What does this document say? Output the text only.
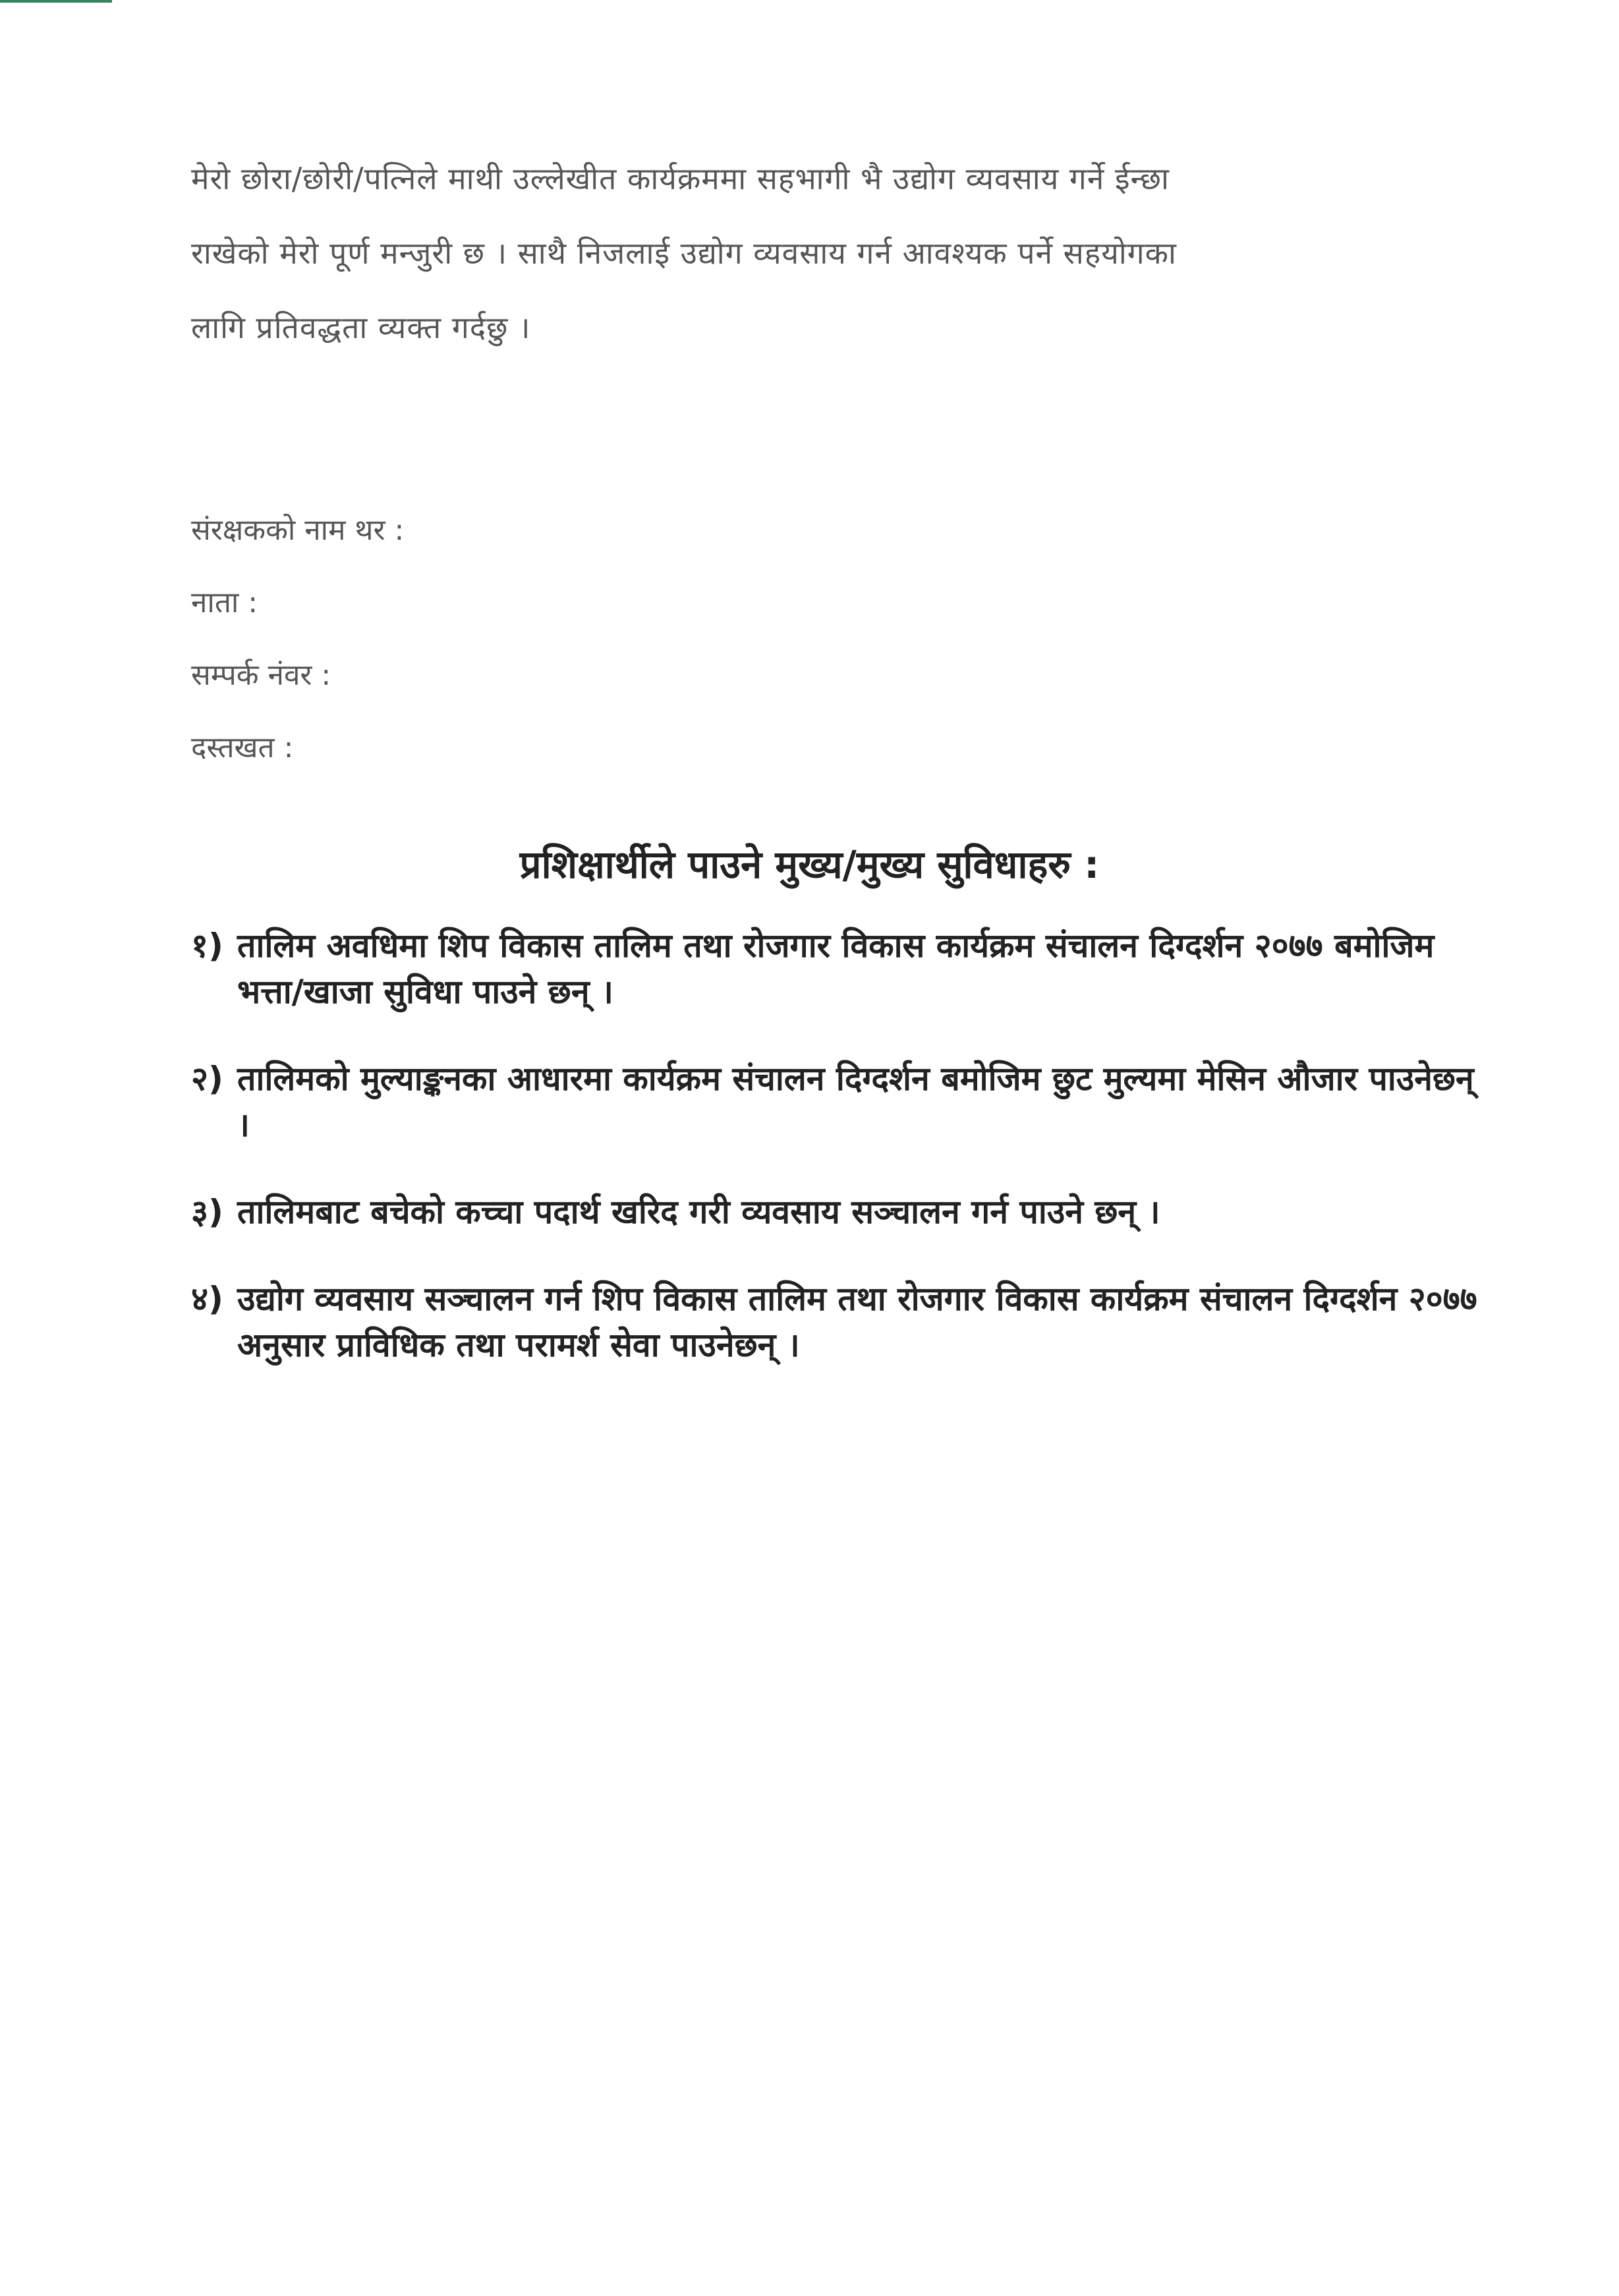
मेरो छोरा/छोरी/पत्निले माथी उल्लेखीत कार्यक्रममा सहभागी भै उद्योग व्यवसाय गर्ने ईन्छा

राखेको मेरो पूर्ण मन्जुरी छ । साथै निजलाई उद्योग व्यवसाय गर्न आवश्यक पर्ने सहयोगका

लागि प्रतिवद्धता व्यक्त गर्दछु ।

संरक्षकको नाम थर :
नाता :
सम्पर्क नंवर :
दस्तखत :
प्रशिक्षार्थीले पाउने मुख्य/मुख्य सुविधाहरु :
१) तालिम अवधिमा शिप विकास तालिम तथा रोजगार विकास कार्यक्रम संचालन दिग्दर्शन २०७७ बमोजिम भत्ता/खाजा सुविधा पाउने छन् ।
२) तालिमको मुल्याङ्कनका आधारमा कार्यक्रम संचालन दिग्दर्शन बमोजिम छुट मुल्यमा मेसिन औजार पाउनेछन् ।
३) तालिमबाट बचेको कच्चा पदार्थ खरिद गरी व्यवसाय सञ्चालन गर्न पाउने छन् ।
४) उद्योग व्यवसाय सञ्चालन गर्न शिप विकास तालिम तथा रोजगार विकास कार्यक्रम संचालन दिग्दर्शन २०७७ अनुसार प्राविधिक तथा परामर्श सेवा पाउनेछन् ।
